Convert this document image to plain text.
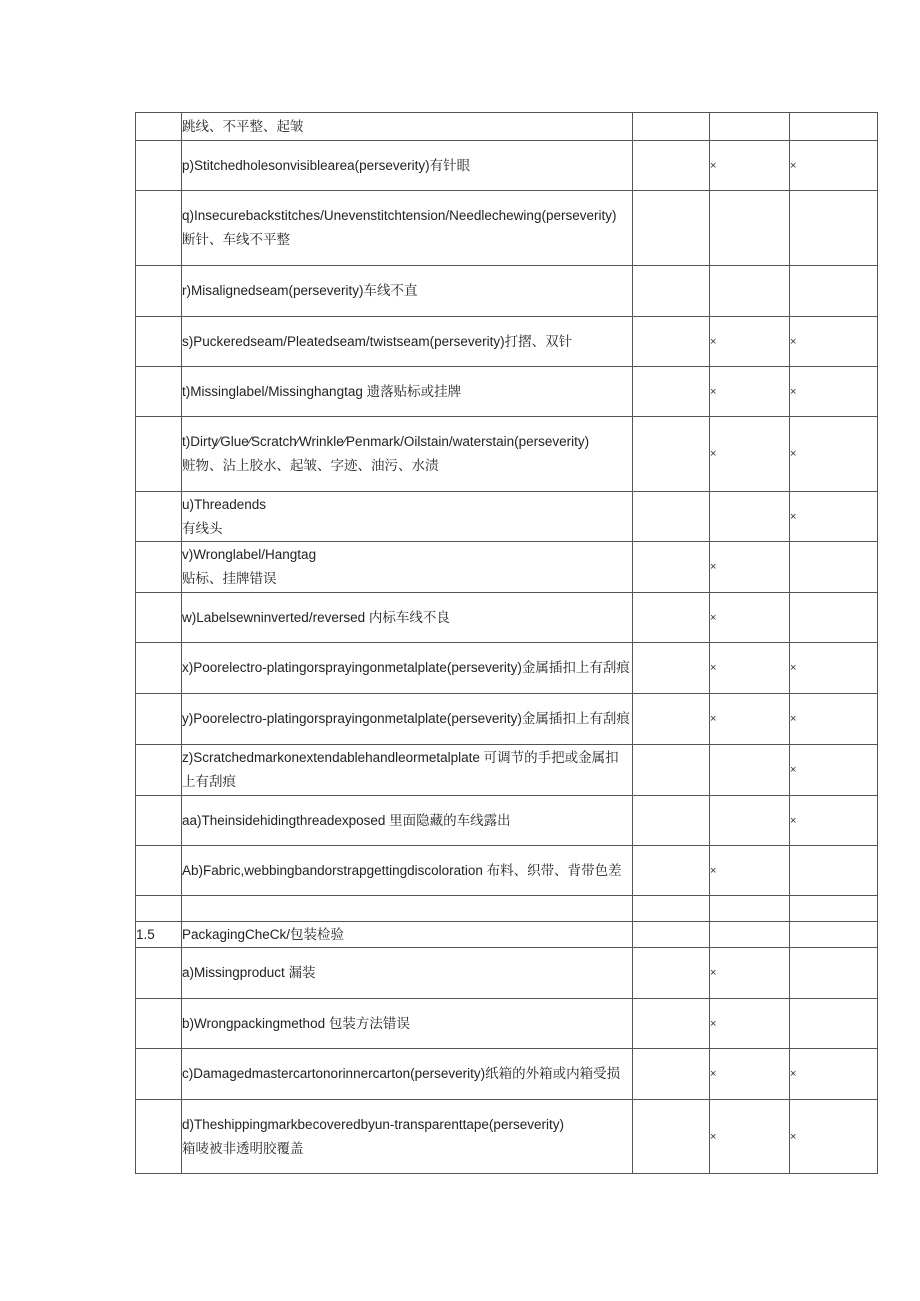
	跳线、不平整、起皱			

	p)Stitchedholesonvisiblearea(perseverity)有针眼		×	×

	q)Insecurebackstitches/Unevenstitchtension/Needlechewing(perseverity)
断针、车线不平整			

	r)Misalignedseam(perseverity)车线不直			

	s)Puckeredseam/Pleatedseam/twistseam(perseverity)打摺、双针		×	×

	t)Missinglabel/Missinghangtag 遗落贴标或挂牌		×	×

	t)Dirty⁄Glue⁄Scratch⁄Wrinkle⁄Penmark/Oilstain/waterstain(perseverity)
赃物、沾上胶水、起皱、字迹、油污、水渍		×	×

	u)Threadends
有线头			×

	v)Wronglabel/Hangtag
贴标、挂牌错误		×	

	w)Labelsewninverted/reversed 内标车线不良		×	

	x)Poorelectro-platingorsprayingonmetalplate(perseverity)金属插扣上有刮痕		×	×

	y)Poorelectro-platingorsprayingonmetalplate(perseverity)金属插扣上有刮痕		×	×

	z)Scratchedmarkonextendablehandleormetalplate 可调节的手把或金属扣上有刮痕			×

	aa)Theinsidehidingthreadexposed 里面隐藏的车线露出			×

	Ab)Fabric,webbingbandorstrapgettingdiscoloration 布料、织带、背带色差		×	

1.5	PackagingCheCk/包装检验			

	a)Missingproduct 漏装		×	

	b)Wrongpackingmethod 包装方法错误		×	

	c)Damagedmastercartonorinnercarton(perseverity)纸箱的外箱或内箱受损		×	×

	d)Theshippingmarkbecoveredbyun-transparenttape(perseverity)
箱唛被非透明胶覆盖		×	×
